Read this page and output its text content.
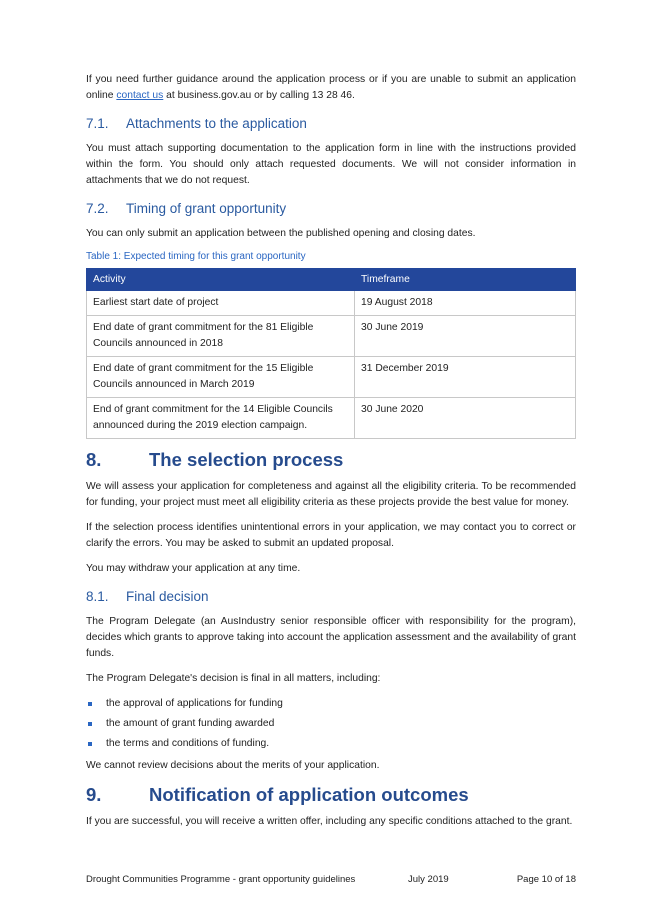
If you need further guidance around the application process or if you are unable to submit an application online contact us at business.gov.au or by calling 13 28 46.

7.1. Attachments to the application

You must attach supporting documentation to the application form in line with the instructions provided within the form. You should only attach requested documents. We will not consider information in attachments that we do not request.

7.2. Timing of grant opportunity

You can only submit an application between the published opening and closing dates.

Table 1: Expected timing for this grant opportunity
Activity	Timeframe
Earliest start date of project	19 August 2018
End date of grant commitment for the 81 Eligible Councils announced in 2018	30 June 2019
End date of grant commitment for the 15 Eligible Councils announced in March 2019	31 December 2019
End of grant commitment for the 14 Eligible Councils announced during the 2019 election campaign.	30 June 2020
8.	The selection process

We will assess your application for completeness and against all the eligibility criteria. To be recommended for funding, your project must meet all eligibility criteria as these projects provide the best value for money.

If the selection process identifies unintentional errors in your application, we may contact you to correct or clarify the errors. You may be asked to submit an updated proposal.

You may withdraw your application at any time.

8.1. Final decision

The Program Delegate (an AusIndustry senior responsible officer with responsibility for the program), decides which grants to approve taking into account the application assessment and the availability of grant funds.

The Program Delegate's decision is final in all matters, including:

the approval of applications for funding
the amount of grant funding awarded
the terms and conditions of funding.

We cannot review decisions about the merits of your application.

9.	Notification of application outcomes

If you are successful, you will receive a written offer, including any specific conditions attached to the grant.

Drought Communities Programme - grant opportunity guidelines	July 2019	Page 10 of 18
